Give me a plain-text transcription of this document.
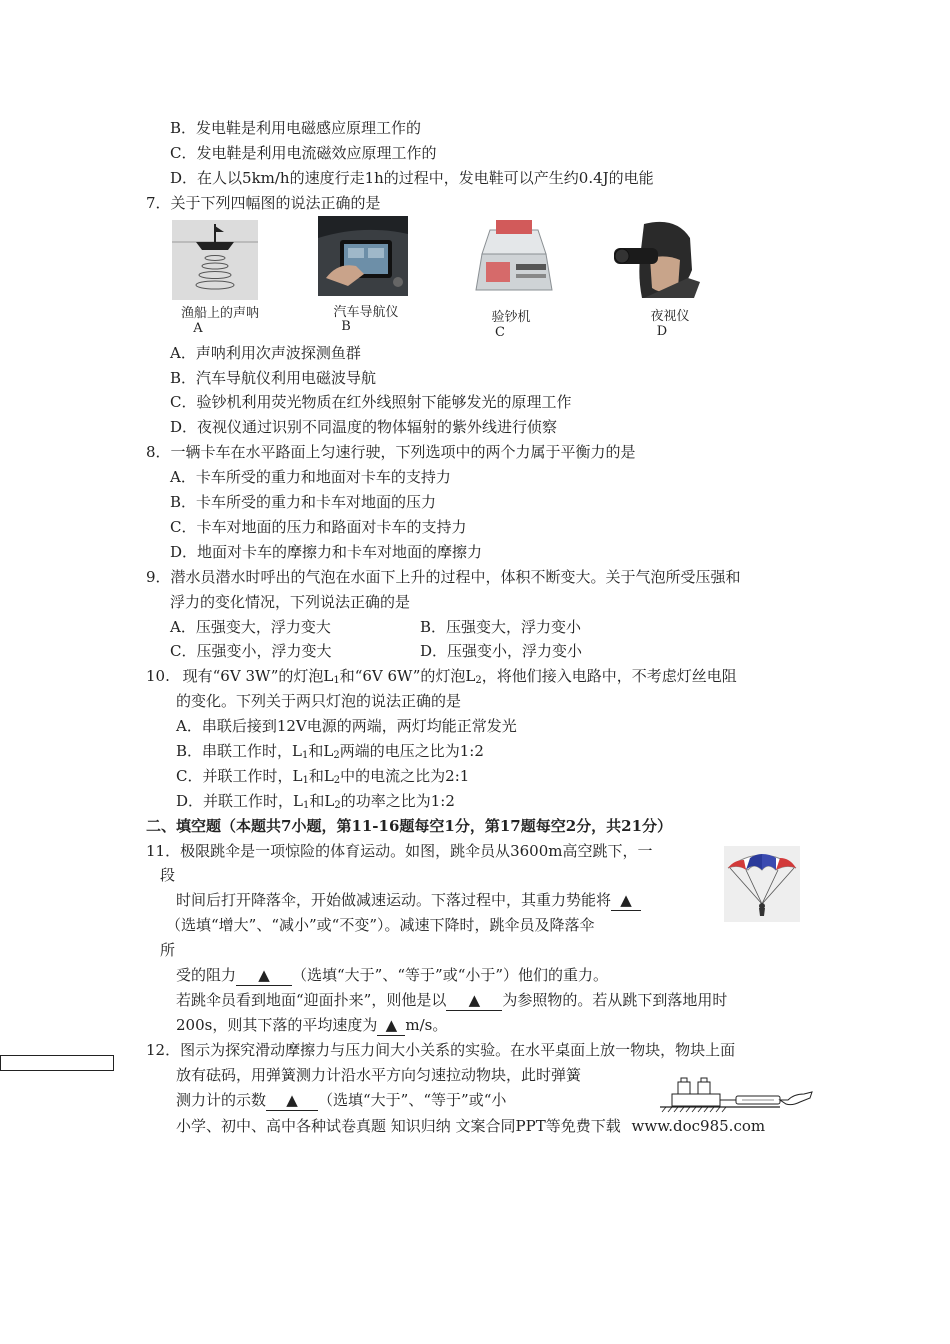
B．发电鞋是利用电磁感应原理工作的
C．发电鞋是利用电流磁效应原理工作的
D．在人以5km/h的速度行走1h的过程中，发电鞋可以产生约0.4J的电能
7．关于下列四幅图的说法正确的是
渔船上的声呐
A
汽车导航仪
B
验钞机
C
夜视仪
D
A．声呐利用次声波探测鱼群
B．汽车导航仪利用电磁波导航
C．验钞机利用荧光物质在红外线照射下能够发光的原理工作
D．夜视仪通过识别不同温度的物体辐射的紫外线进行侦察
8．一辆卡车在水平路面上匀速行驶，下列选项中的两个力属于平衡力的是
A．卡车所受的重力和地面对卡车的支持力
B．卡车所受的重力和卡车对地面的压力
C．卡车对地面的压力和路面对卡车的支持力
D．地面对卡车的摩擦力和卡车对地面的摩擦力
9．潜水员潜水时呼出的气泡在水面下上升的过程中，体积不断变大。关于气泡所受压强和
浮力的变化情况，下列说法正确的是
A．压强变大，浮力变大	B．压强变大，浮力变小
C．压强变小，浮力变大	D．压强变小，浮力变小
10. 现有“6V 3W”的灯泡$L_1$和“6V 6W”的灯泡$L_2$，将他们接入电路中，不考虑灯丝电阻
的变化。下列关于两只灯泡的说法正确的是
A．串联后接到12V电源的两端，两灯均能正常发光
B．串联工作时，$L_1$和$L_2$两端的电压之比为1:2
C．并联工作时，$L_1$和$L_2$中的电流之比为2:1
D．并联工作时，$L_1$和$L_2$的功率之比为1:2
二、填空题（本题共7小题，第11-16题每空1分，第17题每空2分，共21分）
11．极限跳伞是一项惊险的体育运动。如图，跳伞员从3600m高空跳下，一
段
时间后打开降落伞，开始做减速运动。下落过程中，其重力势能将 ▲
（选填“增大”、“减小”或“不变”）。减速下降时，跳伞员及降落伞
所
受的阻力 ▲ （选填“大于”、“等于”或“小于”）他们的重力。
若跳伞员看到地面“迎面扑来”，则他是以 ▲ 为参照物的。若从跳下到落地用时
200s，则其下落的平均速度为 ▲ m/s。
12．图示为探究滑动摩擦力与压力间大小关系的实验。在水平桌面上放一物块，物块上面
放有砝码，用弹簧测力计沿水平方向匀速拉动物块，此时弹簧
测力计的示数 ▲ （选填“大于”、“等于”或“小
小学、初中、高中各种试卷真题 知识归纳 文案合同PPT等免费下载 www.doc985.com
